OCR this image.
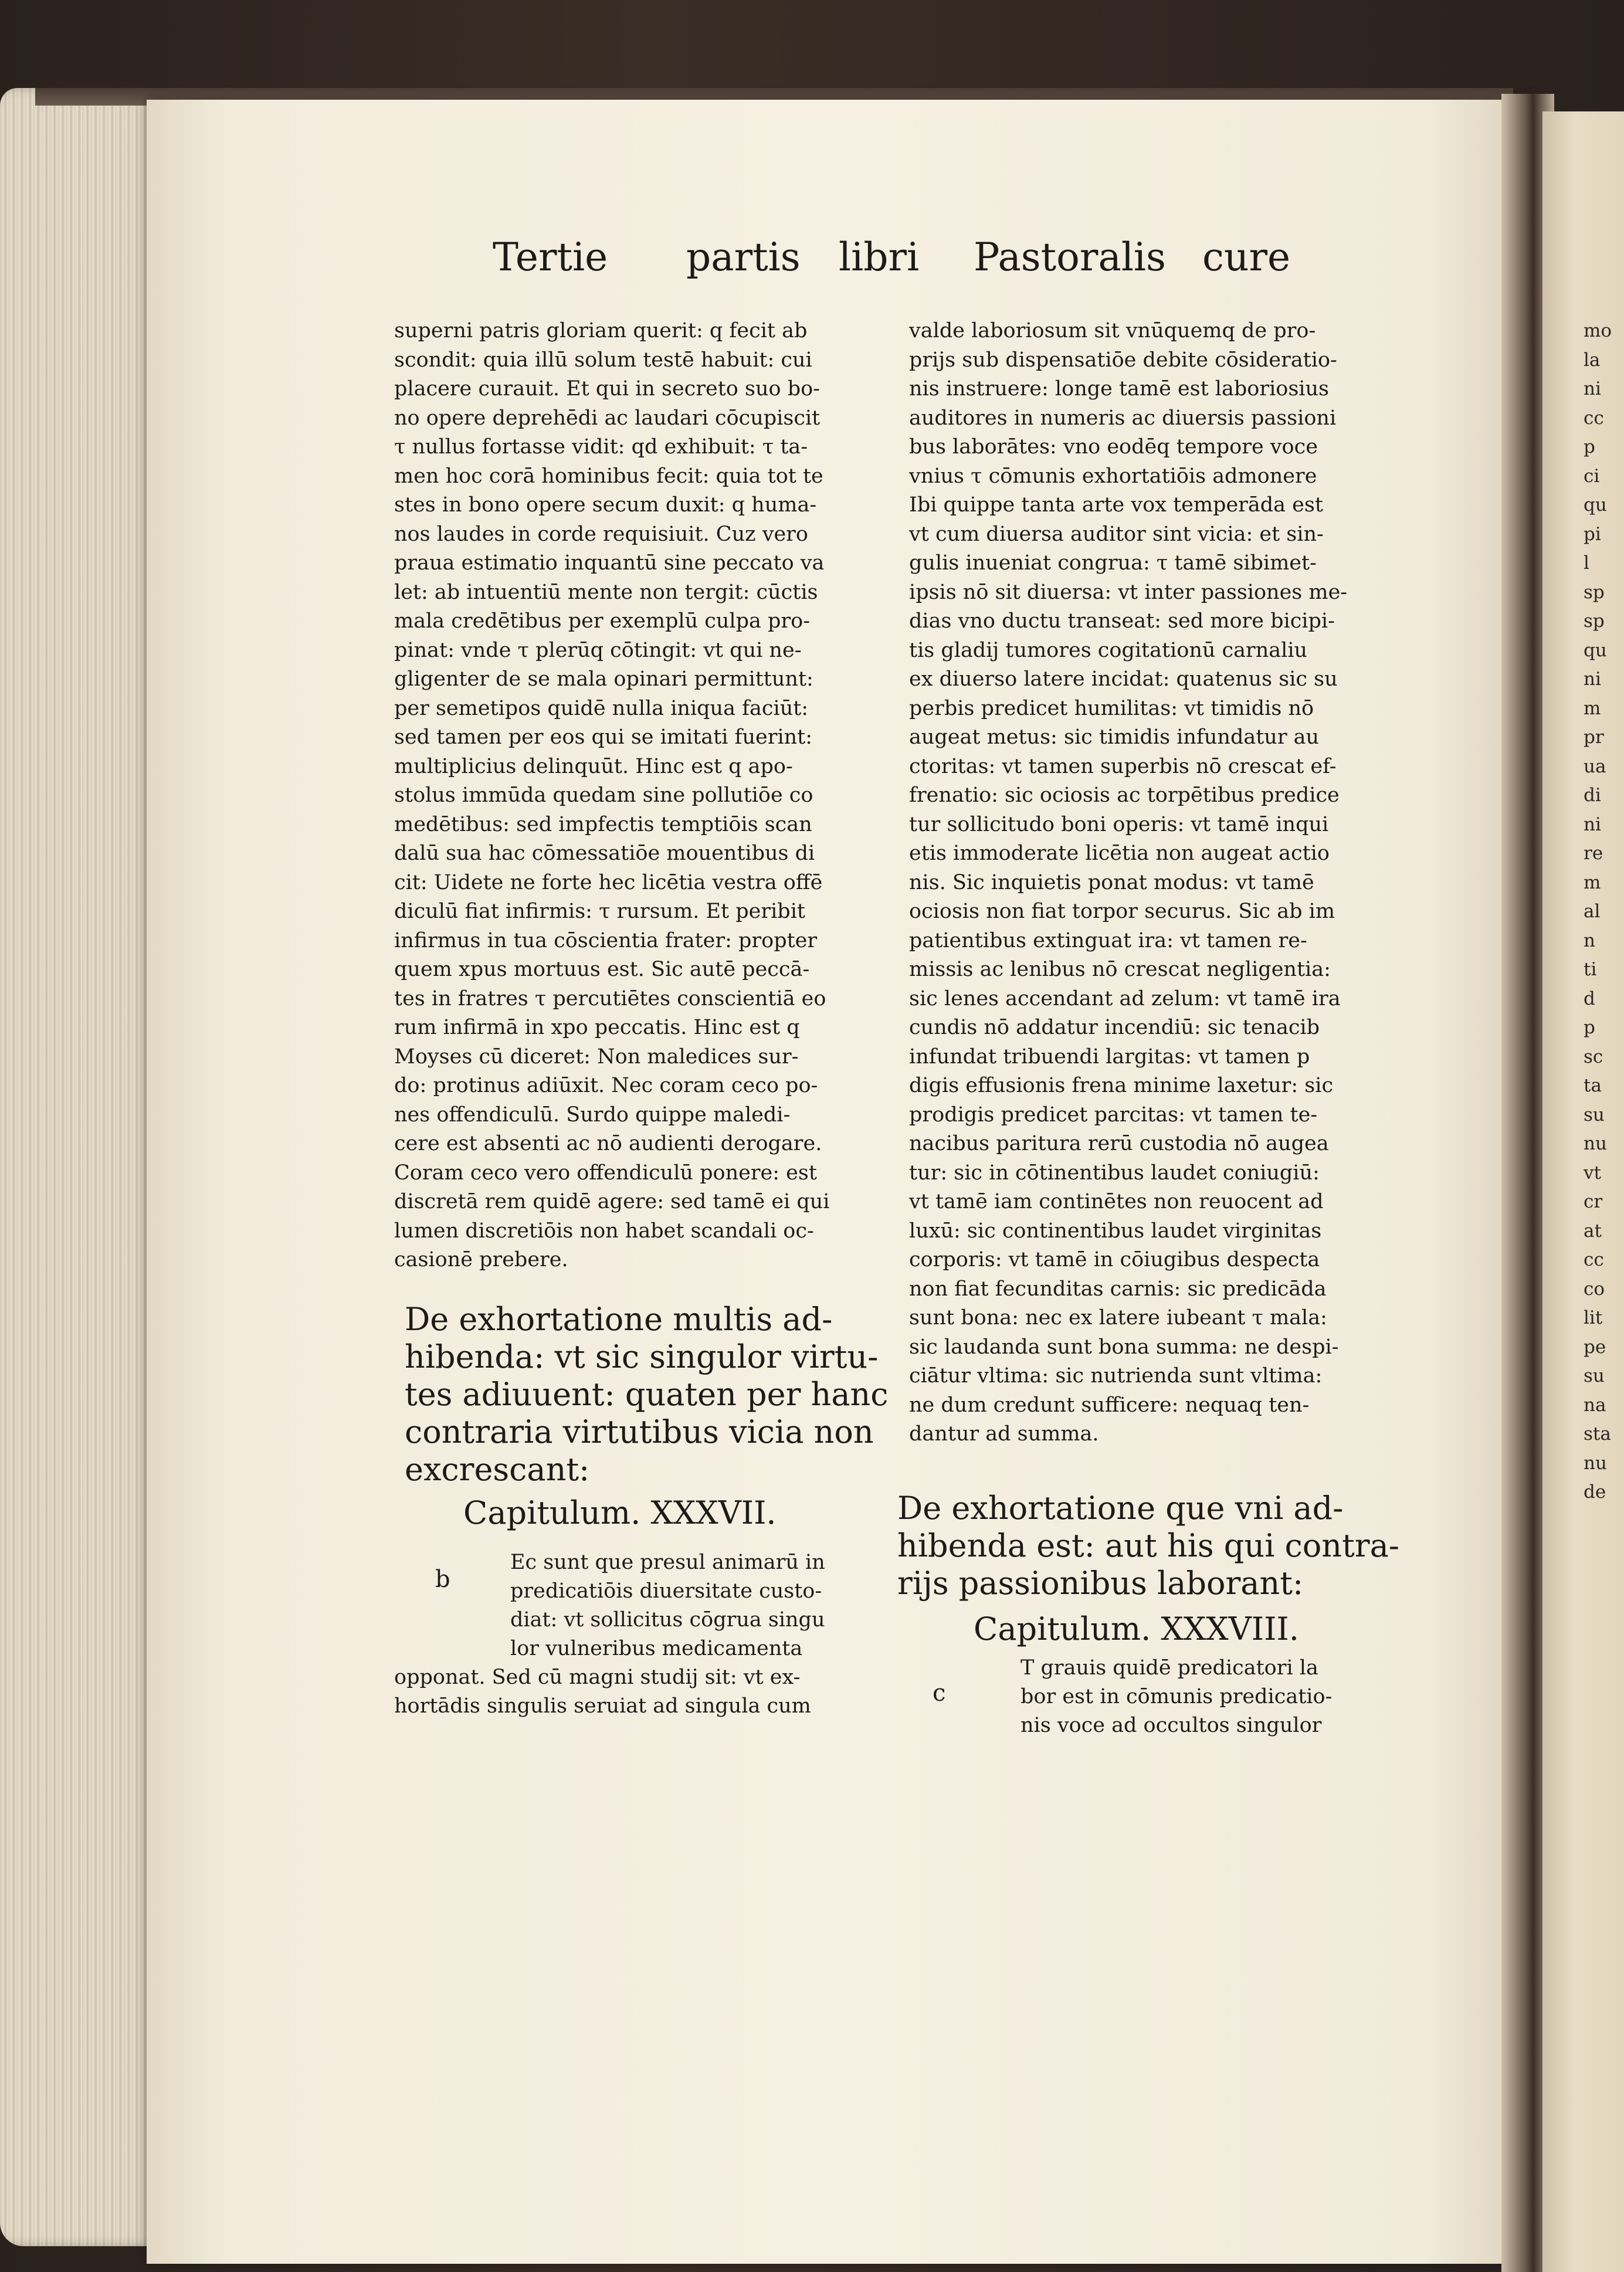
mo
la
ni
cc
p
ci
qu
pi
l
sp
sp
qu
ni
m
pr
ua
di
ni
re
m
al
n
ti
d
p
sc
ta
su
nu
vt
cr
at
cc
co
lit
pe
su
na
sta
nu
de
Tertie partis libri Pastoralis cure
superni patris gloriam querit: q fecit ab
scondit: quia illū solum testē habuit: cui
placere curauit. Et qui in secreto suo bo-
no opere deprehēdi ac laudari cōcupiscit
τ nullus fortasse vidit: qd exhibuit: τ ta-
men hoc corā hominibus fecit: quia tot te
stes in bono opere secum duxit: q huma-
nos laudes in corde requisiuit. Cuz vero
praua estimatio inquantū sine peccato va
let: ab intuentiū mente non tergit: cūctis
mala credētibus per exemplū culpa pro-
pinat: vnde τ plerūq cōtingit: vt qui ne-
gligenter de se mala opinari permittunt:
per semetipos quidē nulla iniqua faciūt:
sed tamen per eos qui se imitati fuerint:
multiplicius delinquūt. Hinc est q apo-
stolus immūda quedam sine pollutiōe co
medētibus: sed impfectis temptiōis scan
dalū sua hac cōmessatiōe mouentibus di
cit: Uidete ne forte hec licētia vestra offē
diculū fiat infirmis: τ rursum. Et peribit
infirmus in tua cōscientia frater: propter
quem xpus mortuus est. Sic autē peccā-
tes in fratres τ percutiētes conscientiā eo
rum infirmā in xpo peccatis. Hinc est q
Moyses cū diceret: Non maledices sur-
do: protinus adiūxit. Nec coram ceco po-
nes offendiculū. Surdo quippe maledi-
cere est absenti ac nō audienti derogare.
Coram ceco vero offendiculū ponere: est
discretā rem quidē agere: sed tamē ei qui
lumen discretiōis non habet scandali oc-
casionē prebere.
De exhortatione multis ad-
hibenda: vt sic singulor virtu-
tes adiuuent: quaten per hanc
contraria virtutibus vicia non
excrescant:
Capitulum. XXXVII.
b
Ec sunt que presul animarū in
predicatiōis diuersitate custo-
diat: vt sollicitus cōgrua singu
lor vulneribus medicamenta
opponat. Sed cū magni studij sit: vt ex-
hortādis singulis seruiat ad singula cum
valde laboriosum sit vnūquemq de pro-
prijs sub dispensatiōe debite cōsideratio-
nis instruere: longe tamē est laboriosius
auditores in numeris ac diuersis passioni
bus laborātes: vno eodēq tempore voce
vnius τ cōmunis exhortatiōis admonere
Ibi quippe tanta arte vox temperāda est
vt cum diuersa auditor sint vicia: et sin-
gulis inueniat congrua: τ tamē sibimet-
ipsis nō sit diuersa: vt inter passiones me-
dias vno ductu transeat: sed more bicipi-
tis gladij tumores cogitationū carnaliu
ex diuerso latere incidat: quatenus sic su
perbis predicet humilitas: vt timidis nō
augeat metus: sic timidis infundatur au
ctoritas: vt tamen superbis nō crescat ef-
frenatio: sic ociosis ac torpētibus predice
tur sollicitudo boni operis: vt tamē inqui
etis immoderate licētia non augeat actio
nis. Sic inquietis ponat modus: vt tamē
ociosis non fiat torpor securus. Sic ab im
patientibus extinguat ira: vt tamen re-
missis ac lenibus nō crescat negligentia:
sic lenes accendant ad zelum: vt tamē ira
cundis nō addatur incendiū: sic tenacib
infundat tribuendi largitas: vt tamen p
digis effusionis frena minime laxetur: sic
prodigis predicet parcitas: vt tamen te-
nacibus paritura rerū custodia nō augea
tur: sic in cōtinentibus laudet coniugiū:
vt tamē iam continētes non reuocent ad
luxū: sic continentibus laudet virginitas
corporis: vt tamē in cōiugibus despecta
non fiat fecunditas carnis: sic predicāda
sunt bona: nec ex latere iubeant τ mala:
sic laudanda sunt bona summa: ne despi-
ciātur vltima: sic nutrienda sunt vltima:
ne dum credunt sufficere: nequaq ten-
dantur ad summa.
De exhortatione que vni ad-
hibenda est: aut his qui contra-
rijs passionibus laborant:
Capitulum. XXXVIII.
c
T grauis quidē predicatori la
bor est in cōmunis predicatio-
nis voce ad occultos singulor
